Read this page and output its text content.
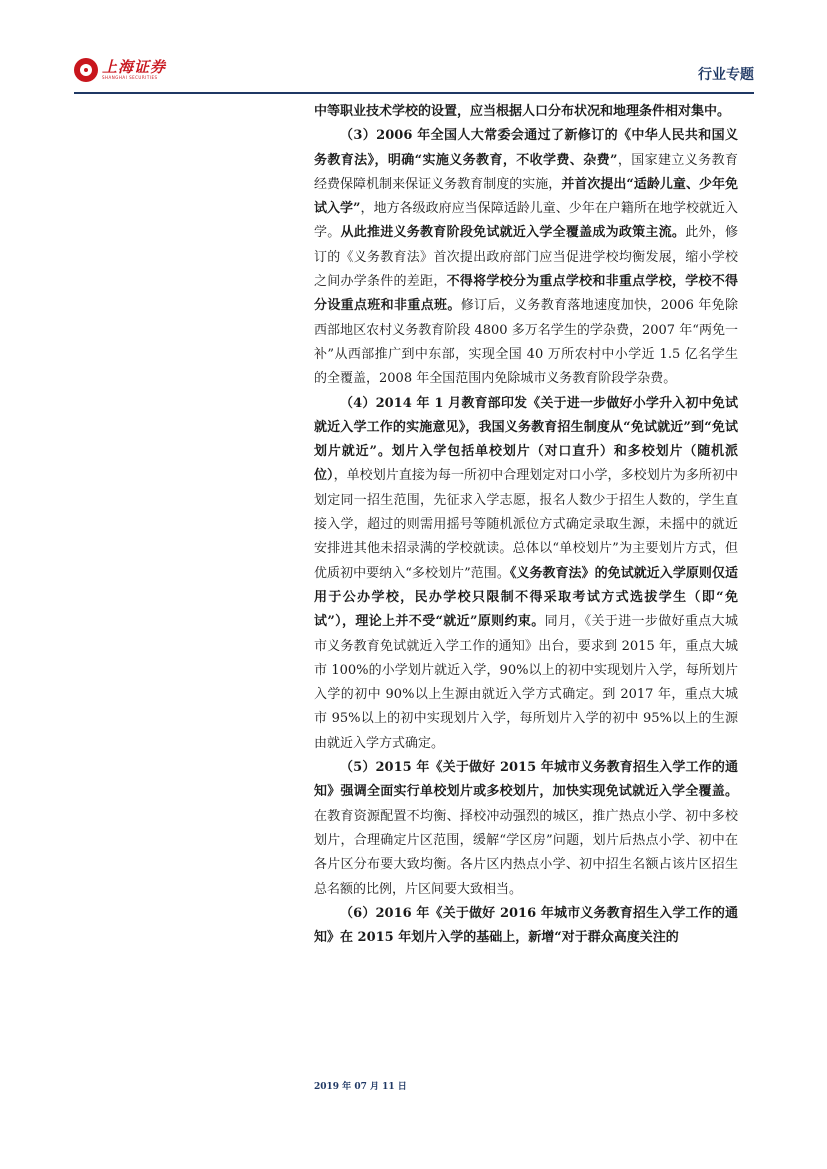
上海证券
SHANGHAI SECURITIES	行业专题

中等职业技术学校的设置，应当根据人口分布状况和地理条件相对集中。

（3）2006 年全国人大常委会通过了新修订的《中华人民共和国义务教育法》，明确“实施义务教育，不收学费、杂费”，国家建立义务教育经费保障机制来保证义务教育制度的实施，并首次提出“适龄儿童、少年免试入学”，地方各级政府应当保障适龄儿童、少年在户籍所在地学校就近入学。从此推进义务教育阶段免试就近入学全覆盖成为政策主流。此外，修订的《义务教育法》首次提出政府部门应当促进学校均衡发展，缩小学校之间办学条件的差距，不得将学校分为重点学校和非重点学校，学校不得分设重点班和非重点班。修订后，义务教育落地速度加快，2006 年免除西部地区农村义务教育阶段 4800 多万名学生的学杂费，2007 年“两免一补”从西部推广到中东部，实现全国 40 万所农村中小学近 1.5 亿名学生的全覆盖，2008 年全国范围内免除城市义务教育阶段学杂费。

（4）2014 年 1 月教育部印发《关于进一步做好小学升入初中免试就近入学工作的实施意见》，我国义务教育招生制度从“免试就近”到“免试划片就近”。划片入学包括单校划片（对口直升）和多校划片（随机派位），单校划片直接为每一所初中合理划定对口小学，多校划片为多所初中划定同一招生范围，先征求入学志愿，报名人数少于招生人数的，学生直接入学，超过的则需用摇号等随机派位方式确定录取生源，未摇中的就近安排进其他未招录满的学校就读。总体以“单校划片”为主要划片方式，但优质初中要纳入“多校划片”范围。《义务教育法》的免试就近入学原则仅适用于公办学校，民办学校只限制不得采取考试方式选拔学生（即“免试”），理论上并不受“就近”原则约束。同月，《关于进一步做好重点大城市义务教育免试就近入学工作的通知》出台，要求到 2015 年，重点大城市 100%的小学划片就近入学，90%以上的初中实现划片入学，每所划片入学的初中 90%以上生源由就近入学方式确定。到 2017 年，重点大城市 95%以上的初中实现划片入学，每所划片入学的初中 95%以上的生源由就近入学方式确定。

（5）2015 年《关于做好 2015 年城市义务教育招生入学工作的通知》强调全面实行单校划片或多校划片，加快实现免试就近入学全覆盖。在教育资源配置不均衡、择校冲动强烈的城区，推广热点小学、初中多校划片，合理确定片区范围，缓解“学区房”问题，划片后热点小学、初中在各片区分布要大致均衡。各片区内热点小学、初中招生名额占该片区招生总名额的比例，片区间要大致相当。

（6）2016 年《关于做好 2016 年城市义务教育招生入学工作的通知》在 2015 年划片入学的基础上，新增“对于群众高度关注的

2019 年 07 月 11 日
